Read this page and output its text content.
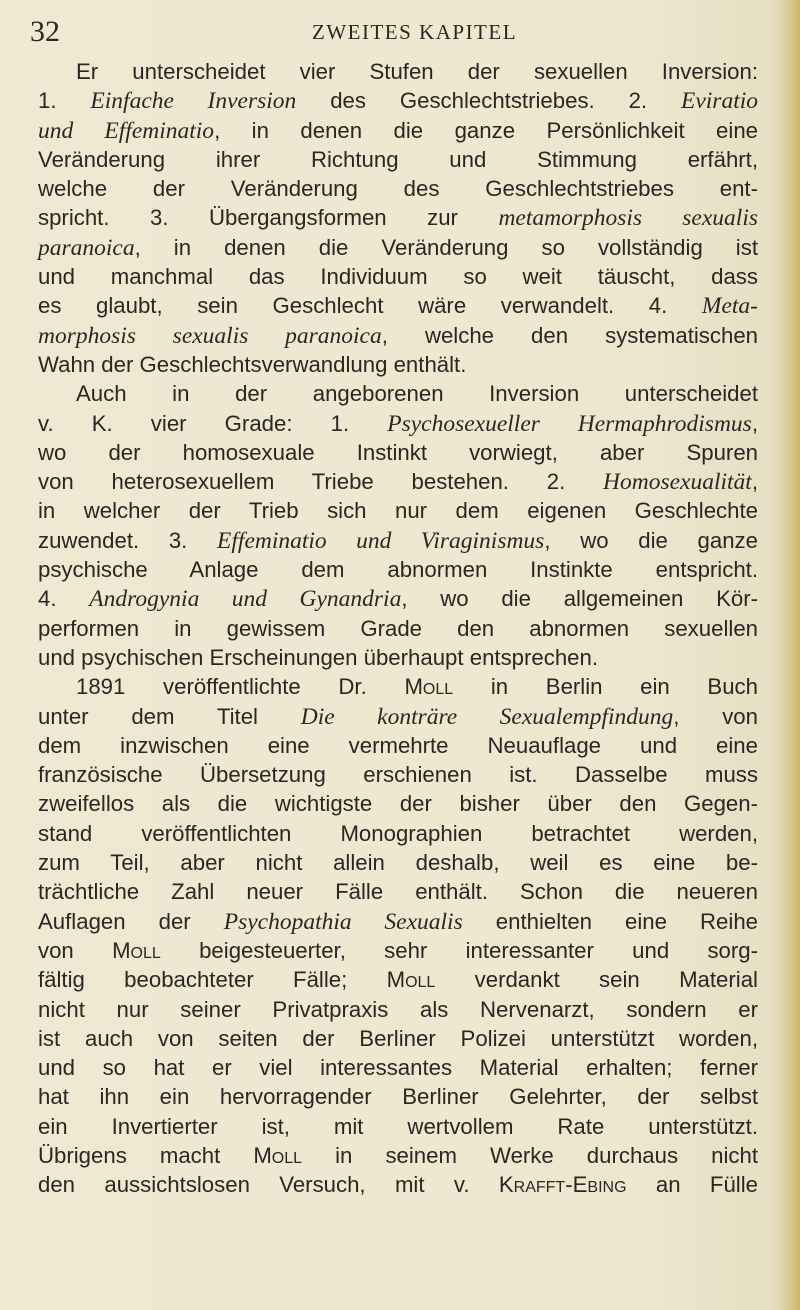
32	ZWEITES KAPITEL
Er unterscheidet vier Stufen der sexuellen Inversion:
1. Einfache Inversion des Geschlechtstriebes. 2. Eviratio
und Effeminatio, in denen die ganze Persönlichkeit eine
Veränderung ihrer Richtung und Stimmung erfährt,
welche der Veränderung des Geschlechtstriebes ent-
spricht. 3. Übergangsformen zur metamorphosis sexualis
paranoica, in denen die Veränderung so vollständig ist
und manchmal das Individuum so weit täuscht, dass
es glaubt, sein Geschlecht wäre verwandelt. 4. Meta-
morphosis sexualis paranoica, welche den systematischen
Wahn der Geschlechtsverwandlung enthält.
Auch in der angeborenen Inversion unterscheidet
v. K. vier Grade: 1. Psychosexueller Hermaphrodismus,
wo der homosexuale Instinkt vorwiegt, aber Spuren
von heterosexuellem Triebe bestehen. 2. Homosexualität,
in welcher der Trieb sich nur dem eigenen Geschlechte
zuwendet. 3. Effeminatio und Viraginismus, wo die ganze
psychische Anlage dem abnormen Instinkte entspricht.
4. Androgynia und Gynandria, wo die allgemeinen Kör-
performen in gewissem Grade den abnormen sexuellen
und psychischen Erscheinungen überhaupt entsprechen.
1891 veröffentlichte Dr. Moll in Berlin ein Buch
unter dem Titel Die konträre Sexualempfindung, von
dem inzwischen eine vermehrte Neuauflage und eine
französische Übersetzung erschienen ist. Dasselbe muss
zweifellos als die wichtigste der bisher über den Gegen-
stand veröffentlichten Monographien betrachtet werden,
zum Teil, aber nicht allein deshalb, weil es eine be-
trächtliche Zahl neuer Fälle enthält. Schon die neueren
Auflagen der Psychopathia Sexualis enthielten eine Reihe
von Moll beigesteuerter, sehr interessanter und sorg-
fältig beobachteter Fälle; Moll verdankt sein Material
nicht nur seiner Privatpraxis als Nervenarzt, sondern er
ist auch von seiten der Berliner Polizei unterstützt worden,
und so hat er viel interessantes Material erhalten; ferner
hat ihn ein hervorragender Berliner Gelehrter, der selbst
ein Invertierter ist, mit wertvollem Rate unterstützt.
Übrigens macht Moll in seinem Werke durchaus nicht
den aussichtslosen Versuch, mit v. Krafft-Ebing an Fülle
